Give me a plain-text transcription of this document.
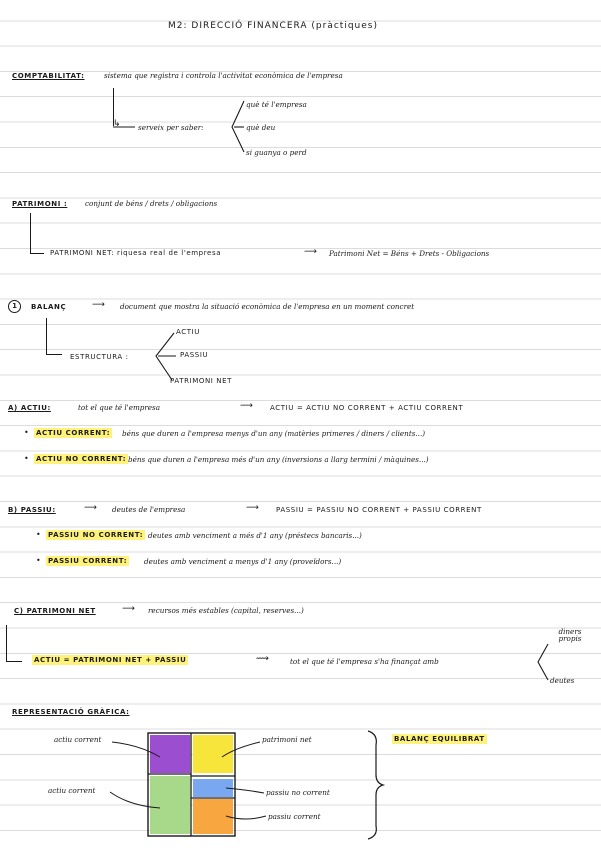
M2: DIRECCIÓ FINANCERA (pràctiques)
COMPTABILITAT:	sistema que registra i controla l'activitat econòmica de l'empresa
↳ serveix per saber:
què té l'empresa
què deu
si guanya o perd
PATRIMONI : conjunt de béns / drets / obligacions
PATRIMONI NET: riquesa real de l'empresa	⟶ Patrimoni Net = Béns + Drets - Obligacions
1	BALANÇ	⟶ document que mostra la situació econòmica de l'empresa en un moment concret
ESTRUCTURA :
ACTIU
PASSIU
PATRIMONI NET
A) ACTIU:	tot el que té l'empresa	⟶ ACTIU = ACTIU NO CORRENT + ACTIU CORRENT
• ACTIU CORRENT: béns que duren a l'empresa menys d'un any (matèries primeres / diners / clients...)
• ACTIU NO CORRENT: béns que duren a l'empresa més d'un any (inversions a llarg termini / màquines...)
B) PASSIU:	⟶ deutes de l'empresa	⟶ PASSIU = PASSIU NO CORRENT + PASSIU CORRENT
• PASSIU NO CORRENT: deutes amb venciment a més d'1 any (préstecs bancaris...)
• PASSIU CORRENT: deutes amb venciment a menys d'1 any (proveïdors...)
C) PATRIMONI NET	⟶ recursos més estables (capital, reserves...)
ACTIU = PATRIMONI NET + PASSIU	⟿	tot el que té l'empresa s'ha finançat amb
diners propis
deutes
REPRESENTACIÓ GRÀFICA:
actiu corrent
actiu corrent
patrimoni net
passiu no corrent
passiu corrent
BALANÇ EQUILIBRAT
